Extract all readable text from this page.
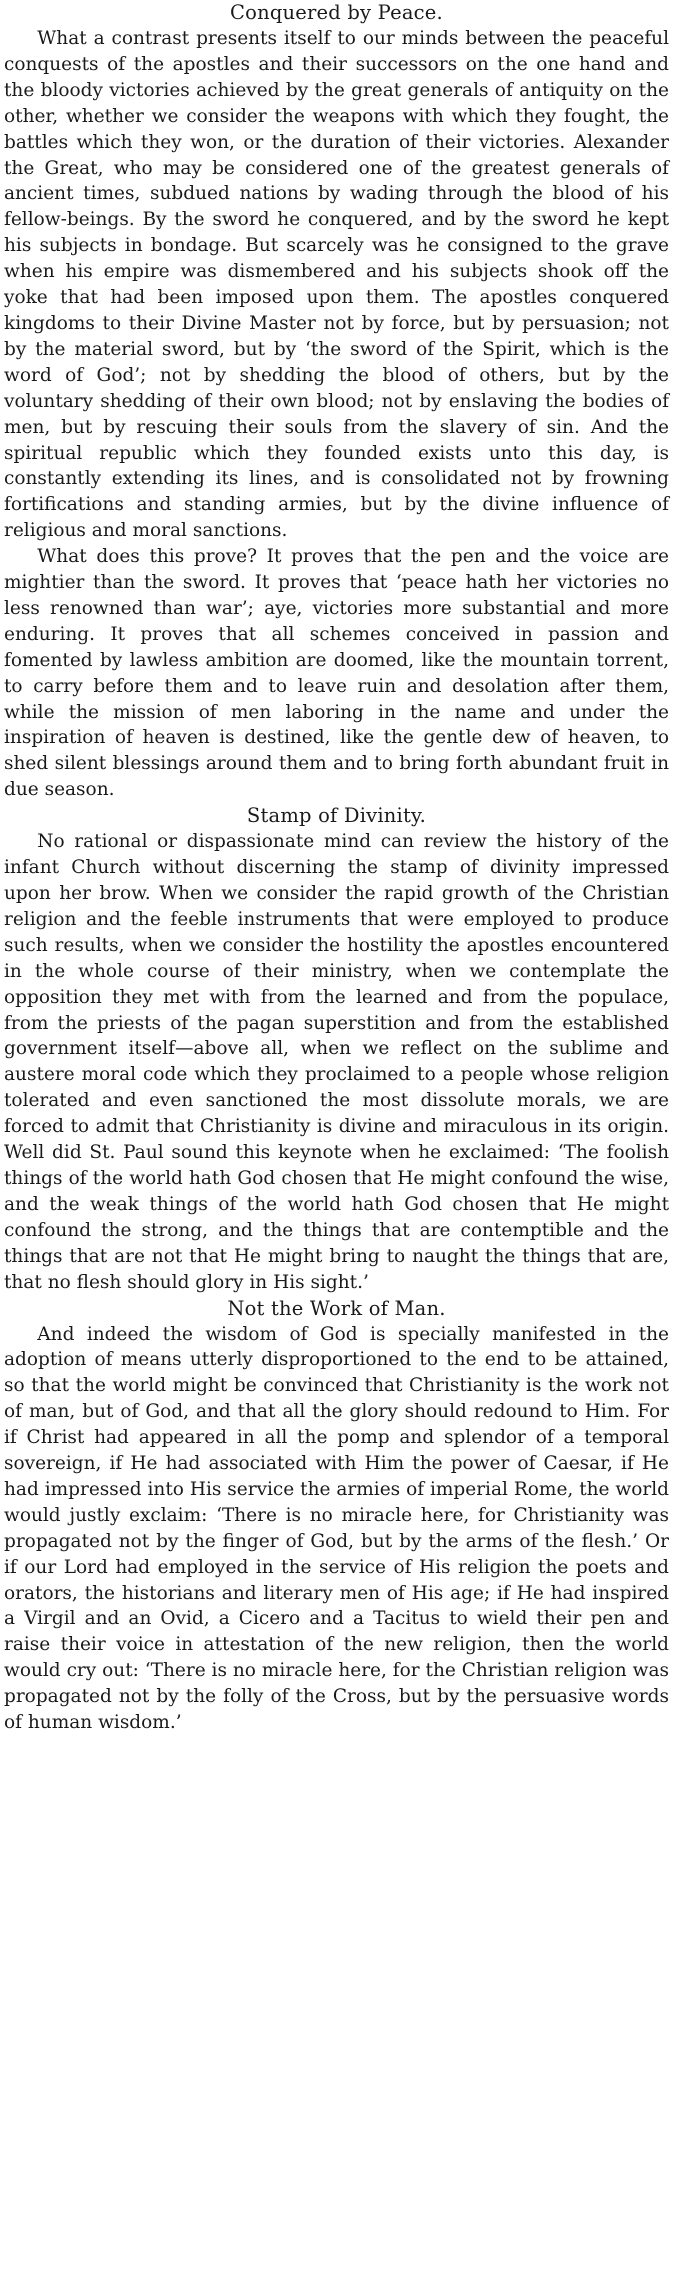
Conquered by Peace.

What a contrast presents itself to our minds between the peaceful conquests of the apostles and their successors on the one hand and the bloody victories achieved by the great generals of antiquity on the other, whether we consider the weapons with which they fought, the battles which they won, or the duration of their victories. Alexander the Great, who may be considered one of the greatest generals of ancient times, subdued nations by wading through the blood of his fellow-beings. By the sword he conquered, and by the sword he kept his subjects in bondage. But scarcely was he consigned to the grave when his empire was dismembered and his subjects shook off the yoke that had been imposed upon them. The apostles conquered kingdoms to their Divine Master not by force, but by persuasion; not by the material sword, but by ‘the sword of the Spirit, which is the word of God’; not by shedding the blood of others, but by the voluntary shedding of their own blood; not by enslaving the bodies of men, but by rescuing their souls from the slavery of sin. And the spiritual republic which they founded exists unto this day, is constantly extending its lines, and is consolidated not by frowning fortifications and standing armies, but by the divine influence of religious and moral sanctions.

What does this prove? It proves that the pen and the voice are mightier than the sword. It proves that ‘peace hath her victories no less renowned than war’; aye, victories more substantial and more enduring. It proves that all schemes conceived in passion and fomented by lawless ambition are doomed, like the mountain torrent, to carry before them and to leave ruin and desolation after them, while the mission of men laboring in the name and under the inspiration of heaven is destined, like the gentle dew of heaven, to shed silent blessings around them and to bring forth abundant fruit in due season.

Stamp of Divinity.

No rational or dispassionate mind can review the history of the infant Church without discerning the stamp of divinity impressed upon her brow. When we consider the rapid growth of the Christian religion and the feeble instruments that were employed to produce such results, when we consider the hostility the apostles encountered in the whole course of their ministry, when we contemplate the opposition they met with from the learned and from the populace, from the priests of the pagan superstition and from the established government itself—above all, when we reflect on the sublime and austere moral code which they proclaimed to a people whose religion tolerated and even sanctioned the most dissolute morals, we are forced to admit that Christianity is divine and miraculous in its origin. Well did St. Paul sound this keynote when he exclaimed: ‘The foolish things of the world hath God chosen that He might confound the wise, and the weak things of the world hath God chosen that He might confound the strong, and the things that are contemptible and the things that are not that He might bring to naught the things that are, that no flesh should glory in His sight.’

Not the Work of Man.

And indeed the wisdom of God is specially manifested in the adoption of means utterly disproportioned to the end to be attained, so that the world might be convinced that Christianity is the work not of man, but of God, and that all the glory should redound to Him. For if Christ had appeared in all the pomp and splendor of a temporal sovereign, if He had associated with Him the power of Caesar, if He had impressed into His service the armies of imperial Rome, the world would justly exclaim: ‘There is no miracle here, for Christianity was propagated not by the finger of God, but by the arms of the flesh.’ Or if our Lord had employed in the service of His religion the poets and orators, the historians and literary men of His age; if He had inspired a Virgil and an Ovid, a Cicero and a Tacitus to wield their pen and raise their voice in attestation of the new religion, then the world would cry out: ‘There is no miracle here, for the Christian religion was propagated not by the folly of the Cross, but by the persuasive words of human wisdom.’
